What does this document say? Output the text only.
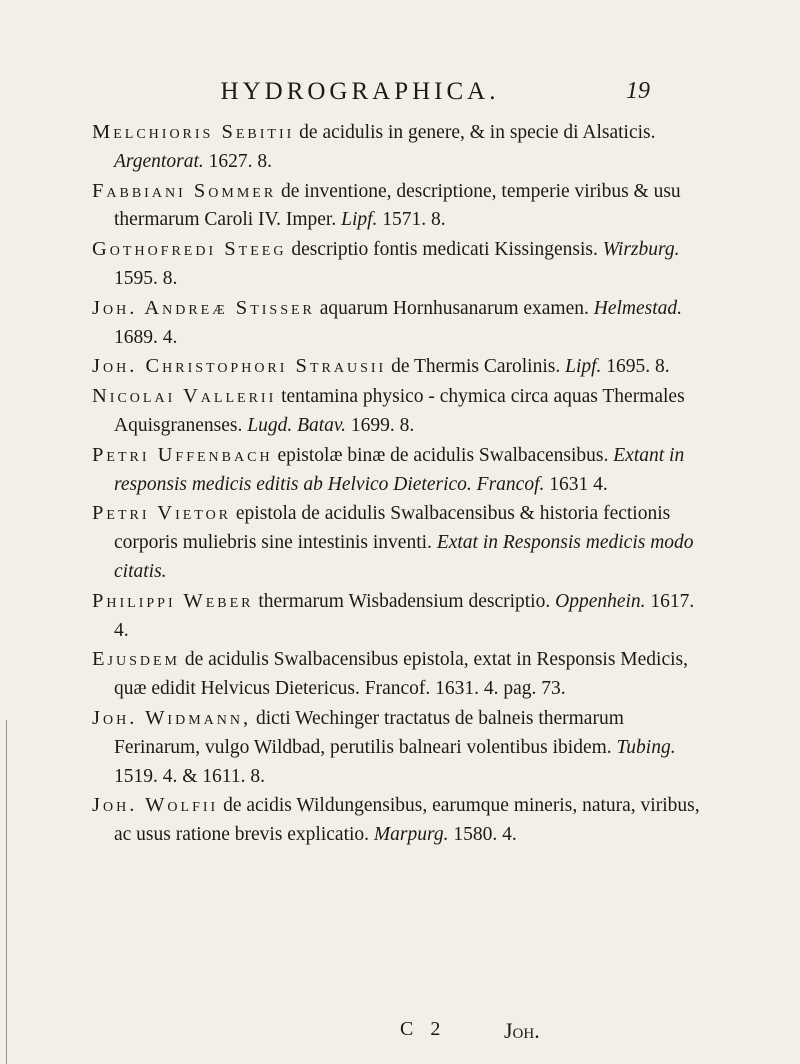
HYDROGRAPHICA.	19

Melchioris Sebitii de acidulis in genere, & in specie di Alsaticis. Argentorat. 1627. 8.

Fabbiani Sommer de inventione, descriptione, temperie viribus & usu thermarum Caroli IV. Imper. Lipf. 1571. 8.

Gothofredi Steeg descriptio fontis medicati Kissingensis. Wirzburg. 1595. 8.

Joh. Andreæ Stisser aquarum Hornhusanarum examen. Helmestad. 1689. 4.

Joh. Christophori Strausii de Thermis Carolinis. Lipf. 1695. 8.

Nicolai Vallerii tentamina physico - chymica circa aquas Thermales Aquisgranenses. Lugd. Batav. 1699. 8.

Petri Uffenbach epistolæ binæ de acidulis Swalbacensibus. Extant in responsis medicis editis ab Helvico Dieterico. Francof. 1631 4.

Petri Vietor epistola de acidulis Swalbacensibus & historia fectionis corporis muliebris sine intestinis inventi. Extat in Responsis medicis modo citatis.

Philippi Weber thermarum Wisbadensium descriptio. Oppenhein. 1617. 4.

Ejusdem de acidulis Swalbacensibus epistola, extat in Responsis Medicis, quæ edidit Helvicus Dietericus. Francof. 1631. 4. pag. 73.

Joh. Widmann, dicti Wechinger tractatus de balneis thermarum Ferinarum, vulgo Wildbad, perutilis balneari volentibus ibidem. Tubing. 1519. 4. & 1611. 8.

Joh. Wolfii de acidis Wildungensibus, earumque mineris, natura, viribus, ac usus ratione brevis explicatio. Marpurg. 1580. 4.

C 2	Joh.
